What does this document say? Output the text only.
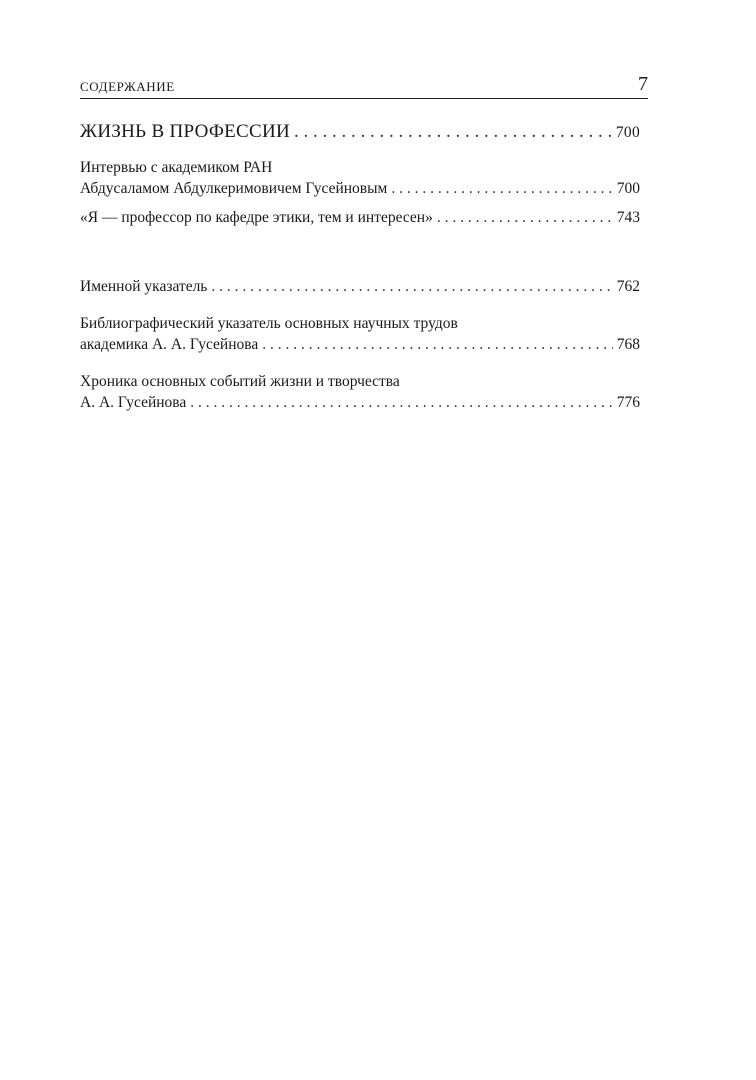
СОДЕРЖАНИЕ	7
ЖИЗНЬ В ПРОФЕССИИ . . .	700
Интервью с академиком РАН
Абдусаламом Абдулкеримовичем Гусейновым . . .	700
«Я — профессор по кафедре этики, тем и интересен» . . .	743
Именной указатель . . .	762
Библиографический указатель основных научных трудов
академика А. А. Гусейнова . . .	768
Хроника основных событий жизни и творчества
А. А. Гусейнова . . .	776
